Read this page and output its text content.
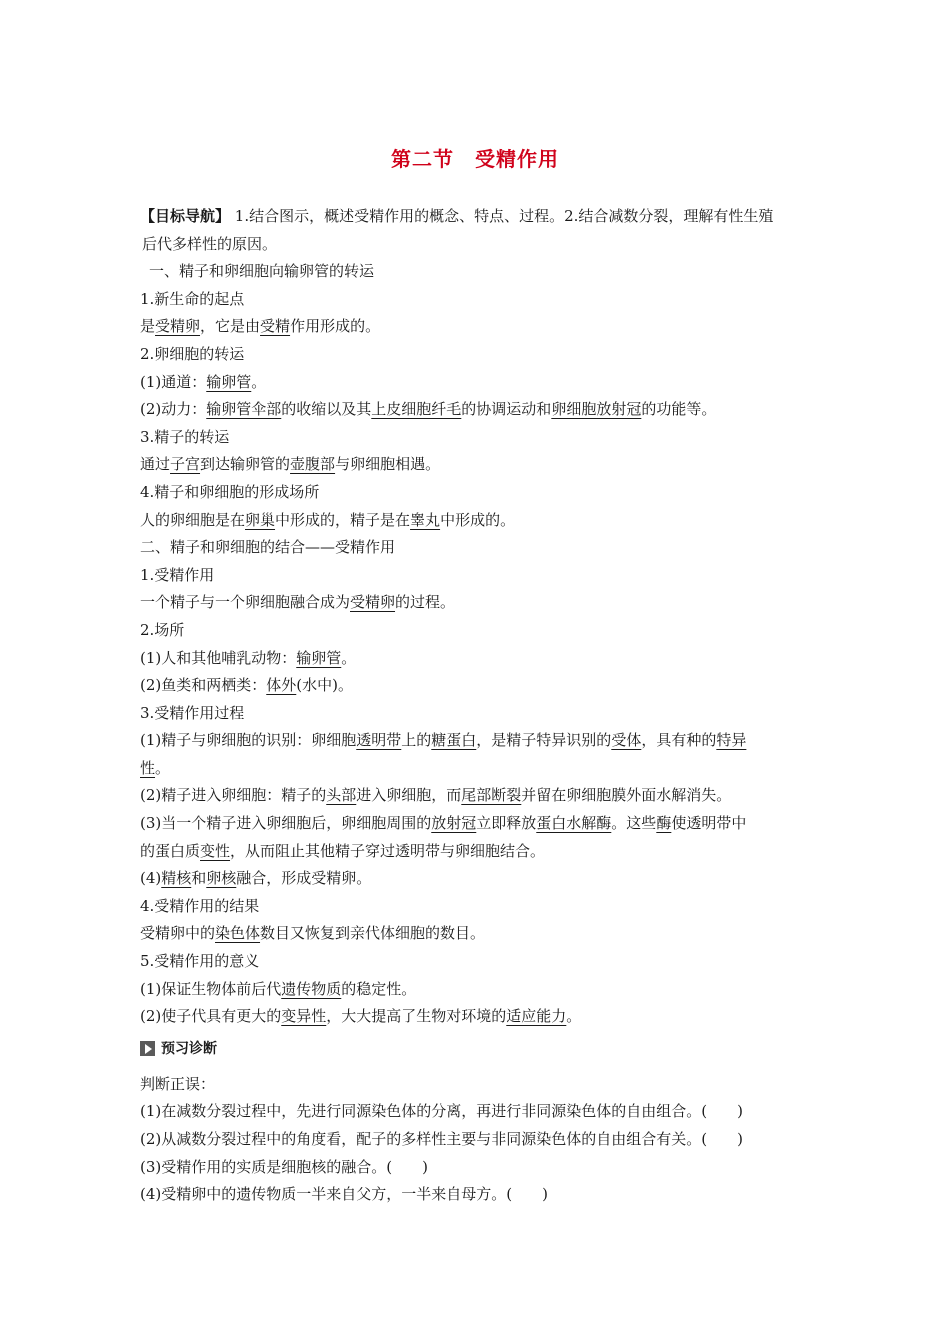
第二节　受精作用
【目标导航】 1.结合图示，概述受精作用的概念、特点、过程。2.结合减数分裂，理解有性生殖
后代多样性的原因。
一、精子和卵细胞向输卵管的转运
1.新生命的起点
是受精卵，它是由受精作用形成的。
2.卵细胞的转运
(1)通道：输卵管。
(2)动力：输卵管伞部的收缩以及其上皮细胞纤毛的协调运动和卵细胞放射冠的功能等。
3.精子的转运
通过子宫到达输卵管的壶腹部与卵细胞相遇。
4.精子和卵细胞的形成场所
人的卵细胞是在卵巢中形成的，精子是在睾丸中形成的。
二、精子和卵细胞的结合——受精作用
1.受精作用
一个精子与一个卵细胞融合成为受精卵的过程。
2.场所
(1)人和其他哺乳动物：输卵管。
(2)鱼类和两栖类：体外(水中)。
3.受精作用过程
(1)精子与卵细胞的识别：卵细胞透明带上的糖蛋白，是精子特异识别的受体，具有种的特异
性。
(2)精子进入卵细胞：精子的头部进入卵细胞，而尾部断裂并留在卵细胞膜外面水解消失。
(3)当一个精子进入卵细胞后，卵细胞周围的放射冠立即释放蛋白水解酶。这些酶使透明带中
的蛋白质变性，从而阻止其他精子穿过透明带与卵细胞结合。
(4)精核和卵核融合，形成受精卵。
4.受精作用的结果
受精卵中的染色体数目又恢复到亲代体细胞的数目。
5.受精作用的意义
(1)保证生物体前后代遗传物质的稳定性。
(2)使子代具有更大的变异性，大大提高了生物对环境的适应能力。
预习诊断
判断正误：
(1)在减数分裂过程中，先进行同源染色体的分离，再进行非同源染色体的自由组合。(　　)
(2)从减数分裂过程中的角度看，配子的多样性主要与非同源染色体的自由组合有关。(　　)
(3)受精作用的实质是细胞核的融合。(　　)
(4)受精卵中的遗传物质一半来自父方，一半来自母方。(　　)
